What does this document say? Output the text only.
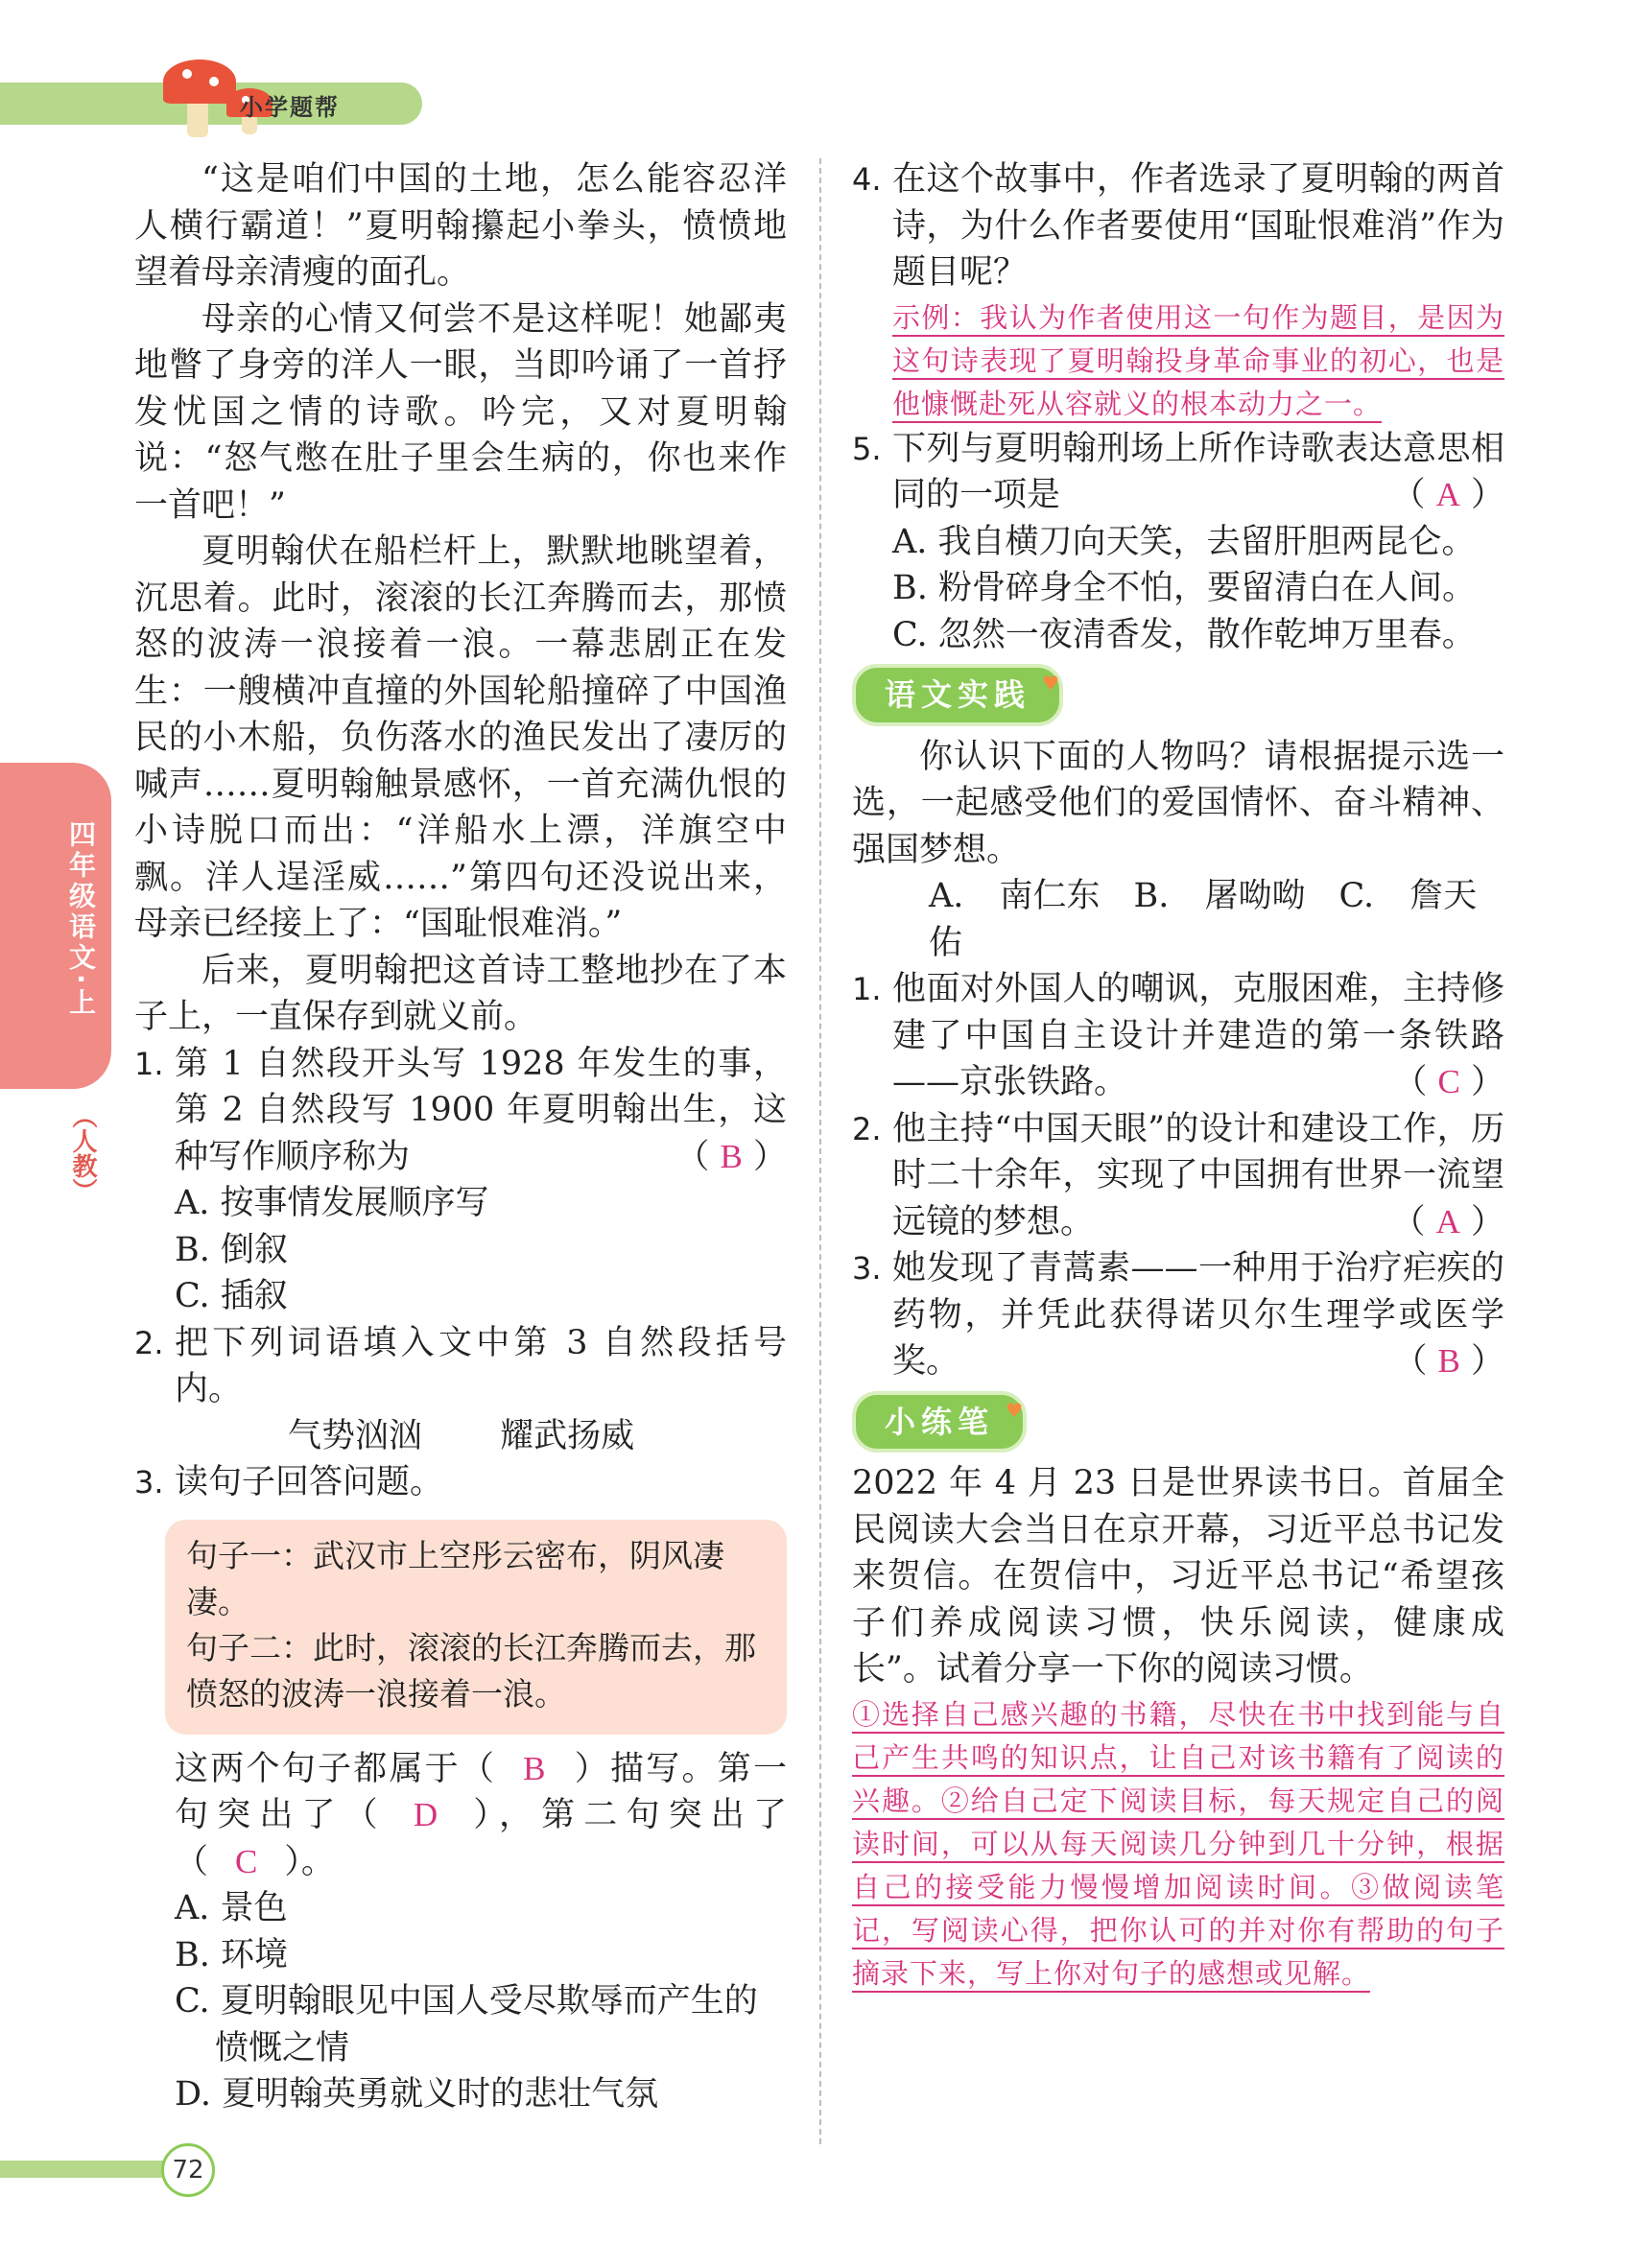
小学题帮
四年级语文·上
（人教）

“这是咱们中国的土地，怎么能容忍洋人横行霸道！”夏明翰攥起小拳头，愤愤地望着母亲清瘦的面孔。

母亲的心情又何尝不是这样呢！她鄙夷地瞥了身旁的洋人一眼，当即吟诵了一首抒发忧国之情的诗歌。吟完，又对夏明翰说：“怒气憋在肚子里会生病的，你也来作一首吧！”

夏明翰伏在船栏杆上，默默地眺望着，沉思着。此时，滚滚的长江奔腾而去，那愤怒的波涛一浪接着一浪。一幕悲剧正在发生：一艘横冲直撞的外国轮船撞碎了中国渔民的小木船，负伤落水的渔民发出了凄厉的喊声……夏明翰触景感怀，一首充满仇恨的小诗脱口而出：“洋船水上漂，洋旗空中飘。洋人逞淫威……”第四句还没说出来，母亲已经接上了：“国耻恨难消。”

后来，夏明翰把这首诗工整地抄在了本子上，一直保存到就义前。

1. 第 1 自然段开头写 1928 年发生的事，第 2 自然段写 1900 年夏明翰出生，这种写作顺序称为	（ B ）
A. 按事情发展顺序写
B. 倒叙
C. 插叙
2. 把下列词语填入文中第 3 自然段括号内。
气势汹汹 耀武扬威
3. 读句子回答问题。
句子一：武汉市上空彤云密布，阴风凄凄。
句子二：此时，滚滚的长江奔腾而去，那愤怒的波涛一浪接着一浪。
这两个句子都属于（ B ）描写。第一句突出了（ D ），第二句突出了（ C ）。
A. 景色
B. 环境
C. 夏明翰眼见中国人受尽欺辱而产生的愤慨之情
D. 夏明翰英勇就义时的悲壮气氛
4. 在这个故事中，作者选录了夏明翰的两首诗，为什么作者要使用“国耻恨难消”作为题目呢？
示例：我认为作者使用这一句作为题目，是因为这句诗表现了夏明翰投身革命事业的初心，也是他慷慨赴死从容就义的根本动力之一。
5. 下列与夏明翰刑场上所作诗歌表达意思相同的一项是	（ A ）
A. 我自横刀向天笑，去留肝胆两昆仑。
B. 粉骨碎身全不怕，要留清白在人间。
C. 忽然一夜清香发，散作乾坤万里春。
语文实践 ♥

你认识下面的人物吗？请根据提示选一选，一起感受他们的爱国情怀、奋斗精神、强国梦想。

A. 南仁东　B. 屠呦呦　C. 詹天佑
1. 他面对外国人的嘲讽，克服困难，主持修建了中国自主设计并建造的第一条铁路——京张铁路。	（ C ）
2. 他主持“中国天眼”的设计和建设工作，历时二十余年，实现了中国拥有世界一流望远镜的梦想。	（ A ）
3. 她发现了青蒿素——一种用于治疗疟疾的药物，并凭此获得诺贝尔生理学或医学奖。	（ B ）
小练笔 ♥

2022 年 4 月 23 日是世界读书日。首届全民阅读大会当日在京开幕，习近平总书记发来贺信。在贺信中，习近平总书记“希望孩子们养成阅读习惯，快乐阅读，健康成长”。试着分享一下你的阅读习惯。

①选择自己感兴趣的书籍，尽快在书中找到能与自己产生共鸣的知识点，让自己对该书籍有了阅读的兴趣。②给自己定下阅读目标，每天规定自己的阅读时间，可以从每天阅读几分钟到几十分钟，根据自己的接受能力慢慢增加阅读时间。③做阅读笔记，写阅读心得，把你认可的并对你有帮助的句子摘录下来，写上你对句子的感想或见解。

72
